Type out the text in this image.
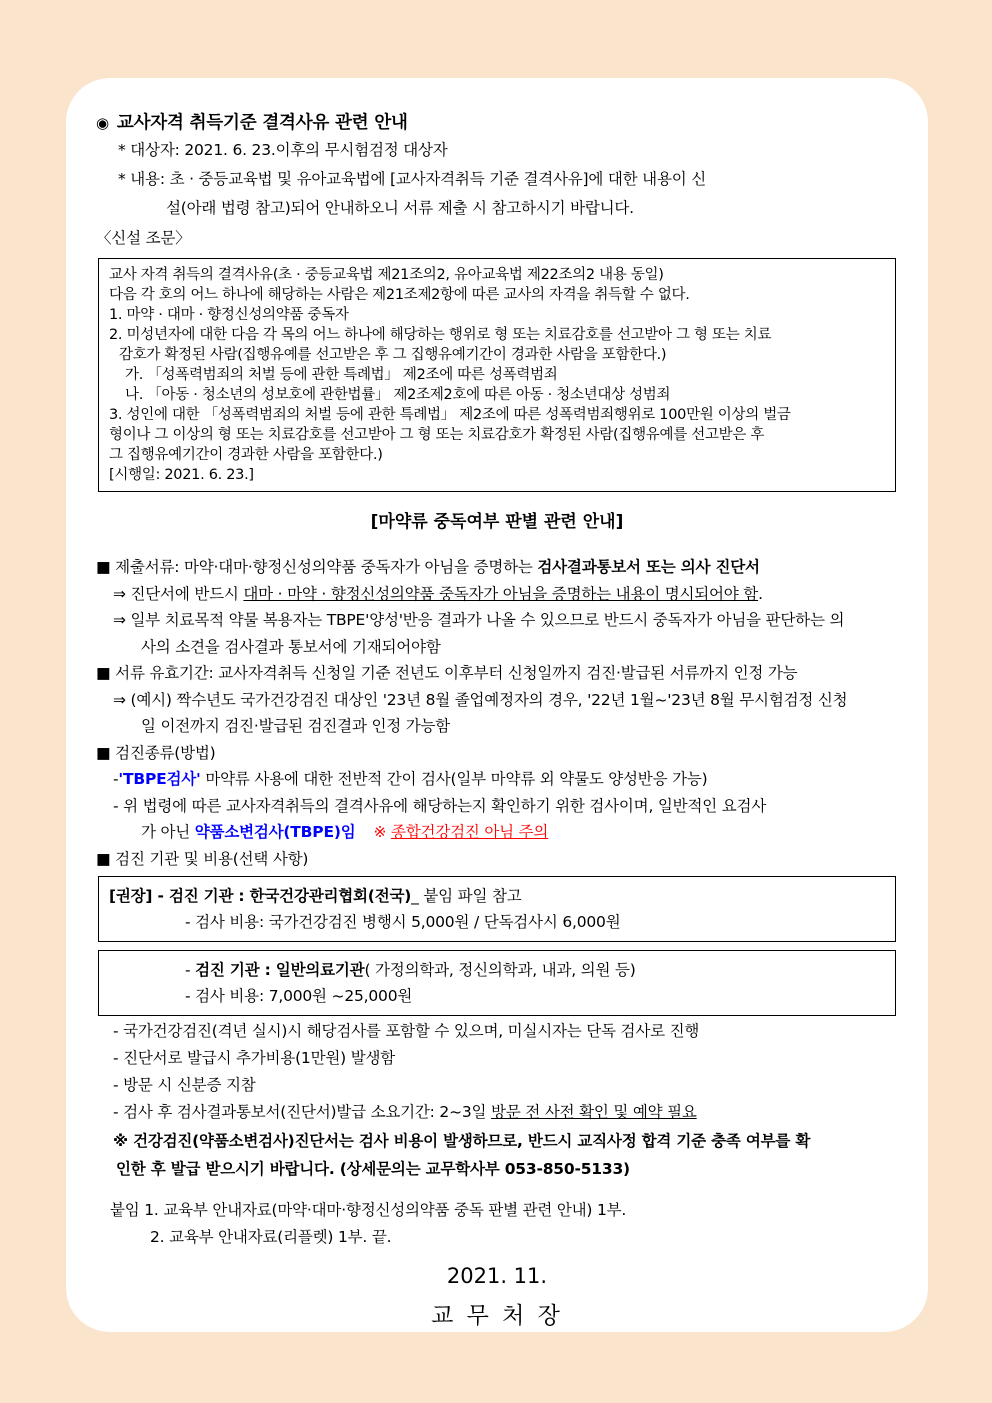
◉ 교사자격 취득기준 결격사유 관련 안내
* 대상자: 2021. 6. 23.이후의 무시험검정 대상자
* 내용: 초 · 중등교육법 및 유아교육법에 [교사자격취득 기준 결격사유]에 대한 내용이 신
설(아래 법령 참고)되어 안내하오니 서류 제출 시 참고하시기 바랍니다.
〈신설 조문〉
교사 자격 취득의 결격사유(초 · 중등교육법 제21조의2, 유아교육법 제22조의2 내용 동일)
다음 각 호의 어느 하나에 해당하는 사람은 제21조제2항에 따른 교사의 자격을 취득할 수 없다.
1. 마약 · 대마 · 향정신성의약품 중독자
2. 미성년자에 대한 다음 각 목의 어느 하나에 해당하는 행위로 형 또는 치료감호를 선고받아 그 형 또는 치료
감호가 확정된 사람(집행유예를 선고받은 후 그 집행유예기간이 경과한 사람을 포함한다.)
가. 「성폭력범죄의 처벌 등에 관한 특례법」 제2조에 따른 성폭력범죄
나. 「아동 · 청소년의 성보호에 관한법률」 제2조제2호에 따른 아동 · 청소년대상 성범죄
3. 성인에 대한 「성폭력범죄의 처벌 등에 관한 특례법」 제2조에 따른 성폭력범죄행위로 100만원 이상의 벌금
형이나 그 이상의 형 또는 치료감호를 선고받아 그 형 또는 치료감호가 확정된 사람(집행유예를 선고받은 후
그 집행유예기간이 경과한 사람을 포함한다.)
[시행일: 2021. 6. 23.]
[마약류 중독여부 판별 관련 안내]
■ 제출서류: 마약·대마·향정신성의약품 중독자가 아님을 증명하는 검사결과통보서 또는 의사 진단서
⇒ 진단서에 반드시 대마 · 마약 · 향정신성의약품 중독자가 아님을 증명하는 내용이 명시되어야 함.
⇒ 일부 치료목적 약물 복용자는 TBPE'양성'반응 결과가 나올 수 있으므로 반드시 중독자가 아님을 판단하는 의
사의 소견을 검사결과 통보서에 기재되어야함
■ 서류 유효기간: 교사자격취득 신청일 기준 전년도 이후부터 신청일까지 검진·발급된 서류까지 인정 가능
⇒ (예시) 짝수년도 국가건강검진 대상인 '23년 8월 졸업예정자의 경우, '22년 1월~'23년 8월 무시험검정 신청
일 이전까지 검진·발급된 검진결과 인정 가능함
■ 검진종류(방법)
-'TBPE검사' 마약류 사용에 대한 전반적 간이 검사(일부 마약류 외 약물도 양성반응 가능)
- 위 법령에 따른 교사자격취득의 결격사유에 해당하는지 확인하기 위한 검사이며, 일반적인 요검사
가 아닌 약품소변검사(TBPE)임 ※ 종합건강검진 아님 주의
■ 검진 기관 및 비용(선택 사항)
[권장] - 검진 기관 : 한국건강관리협회(전국)_ 붙임 파일 참고
- 검사 비용: 국가건강검진 병행시 5,000원 / 단독검사시 6,000원
- 검진 기관 : 일반의료기관( 가정의학과, 정신의학과, 내과, 의원 등)
- 검사 비용: 7,000원 ~25,000원
- 국가건강검진(격년 실시)시 해당검사를 포함할 수 있으며, 미실시자는 단독 검사로 진행
- 진단서로 발급시 추가비용(1만원) 발생함
- 방문 시 신분증 지참
- 검사 후 검사결과통보서(진단서)발급 소요기간: 2~3일 방문 전 사전 확인 및 예약 필요
※ 건강검진(약품소변검사)진단서는 검사 비용이 발생하므로, 반드시 교직사정 합격 기준 충족 여부를 확
인한 후 발급 받으시기 바랍니다. (상세문의는 교무학사부 053-850-5133)
붙임 1. 교육부 안내자료(마약·대마·향정신성의약품 중독 판별 관련 안내) 1부.
2. 교육부 안내자료(리플렛) 1부. 끝.
2021. 11.
교 무 처 장
